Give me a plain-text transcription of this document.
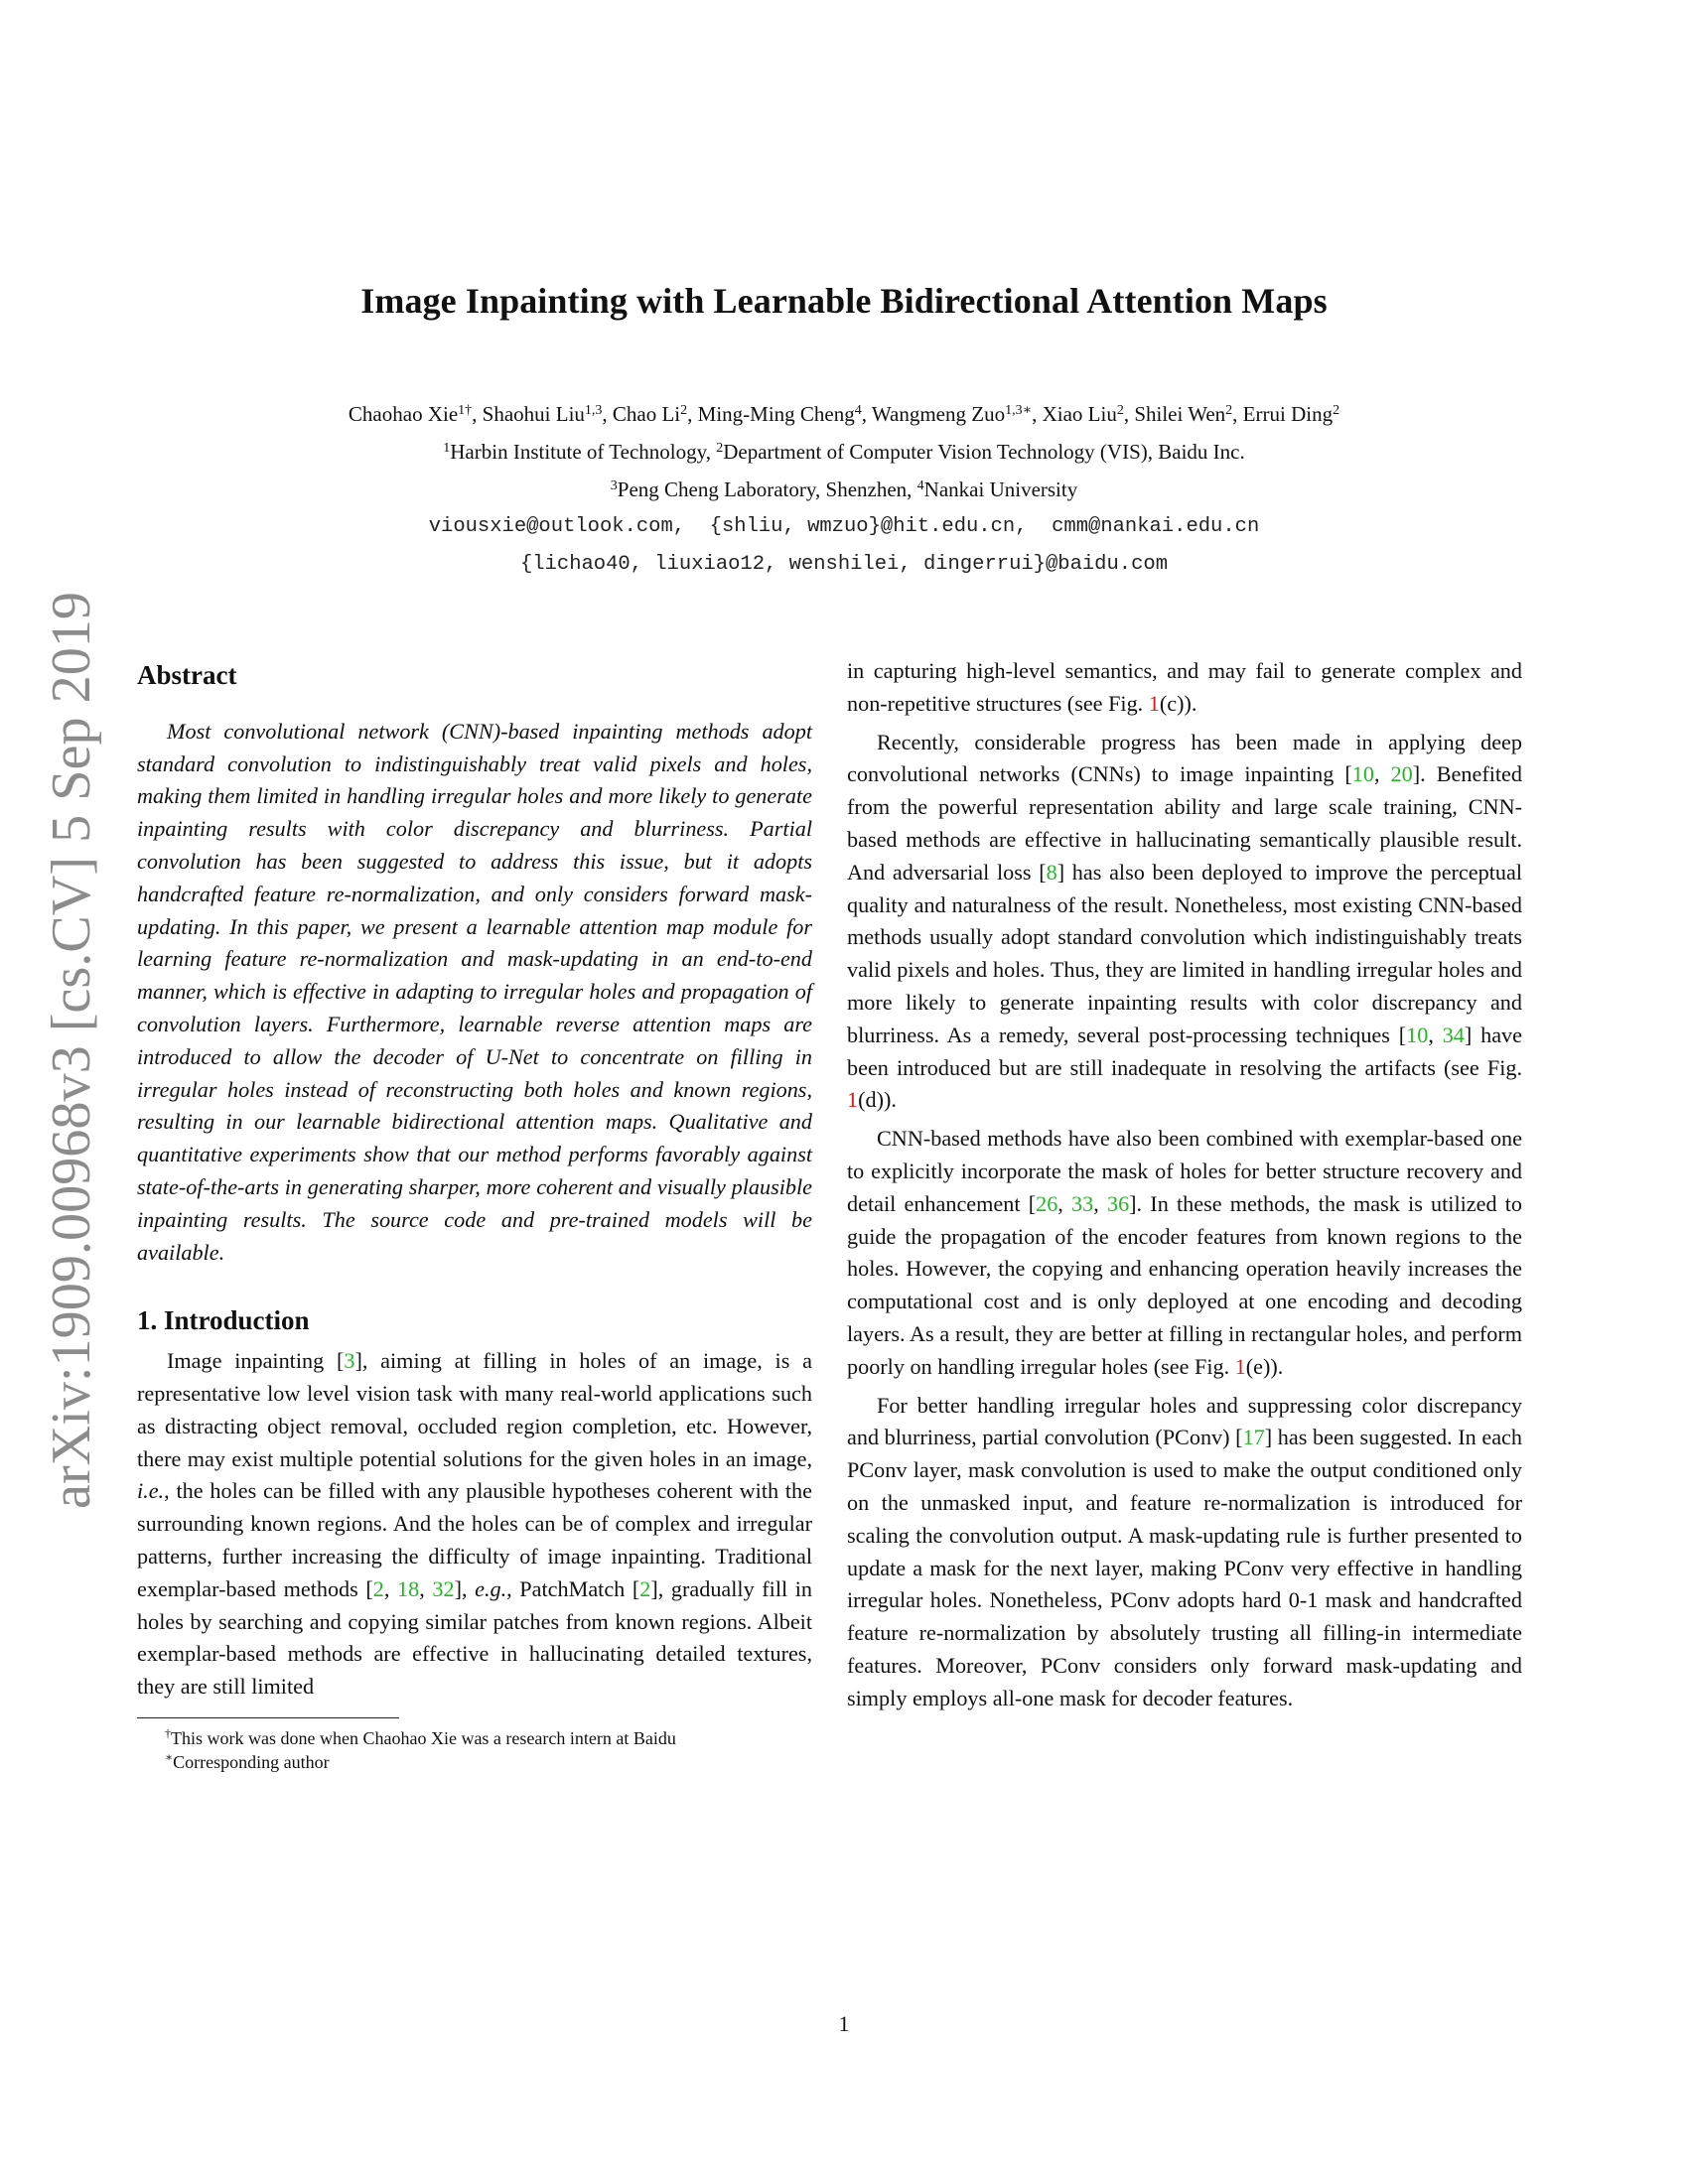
arXiv:1909.00968v3 [cs.CV] 5 Sep 2019
Image Inpainting with Learnable Bidirectional Attention Maps
Chaohao Xie$^{1\dagger}$, Shaohui Liu$^{1,3}$, Chao Li$^2$, Ming-Ming Cheng$^4$, Wangmeng Zuo$^{1,3∗}$, Xiao Liu$^2$, Shilei Wen$^2$, Errui Ding$^2$
$^1$Harbin Institute of Technology, $^2$Department of Computer Vision Technology (VIS), Baidu Inc.
$^3$Peng Cheng Laboratory, Shenzhen, $^4$Nankai University
viousxie@outlook.com,  {shliu, wmzuo}@hit.edu.cn,  cmm@nankai.edu.cn
{lichao40, liuxiao12, wenshilei, dingerrui}@baidu.com

Abstract

Most convolutional network (CNN)-based inpainting methods adopt standard convolution to indistinguishably treat valid pixels and holes, making them limited in handling irregular holes and more likely to generate inpainting results with color discrepancy and blurriness. Partial convolution has been suggested to address this issue, but it adopts handcrafted feature re-normalization, and only considers forward mask-updating. In this paper, we present a learnable attention map module for learning feature re-normalization and mask-updating in an end-to-end manner, which is effective in adapting to irregular holes and propagation of convolution layers. Furthermore, learnable reverse attention maps are introduced to allow the decoder of U-Net to concentrate on filling in irregular holes instead of reconstructing both holes and known regions, resulting in our learnable bidirectional attention maps. Qualitative and quantitative experiments show that our method performs favorably against state-of-the-arts in generating sharper, more coherent and visually plausible inpainting results. The source code and pre-trained models will be available.

1. Introduction

Image inpainting [3], aiming at filling in holes of an image, is a representative low level vision task with many real-world applications such as distracting object removal, occluded region completion, etc. However, there may exist multiple potential solutions for the given holes in an image, i.e., the holes can be filled with any plausible hypotheses coherent with the surrounding known regions. And the holes can be of complex and irregular patterns, further increasing the difficulty of image inpainting. Traditional exemplar-based methods [2, 18, 32], e.g., PatchMatch [2], gradually fill in holes by searching and copying similar patches from known regions. Albeit exemplar-based methods are effective in hallucinating detailed textures, they are still limited

†This work was done when Chaohao Xie was a research intern at Baidu

∗Corresponding author

in capturing high-level semantics, and may fail to generate complex and non-repetitive structures (see Fig. 1(c)).

Recently, considerable progress has been made in applying deep convolutional networks (CNNs) to image inpainting [10, 20]. Benefited from the powerful representation ability and large scale training, CNN-based methods are effective in hallucinating semantically plausible result. And adversarial loss [8] has also been deployed to improve the perceptual quality and naturalness of the result. Nonetheless, most existing CNN-based methods usually adopt standard convolution which indistinguishably treats valid pixels and holes. Thus, they are limited in handling irregular holes and more likely to generate inpainting results with color discrepancy and blurriness. As a remedy, several post-processing techniques [10, 34] have been introduced but are still inadequate in resolving the artifacts (see Fig. 1(d)).

CNN-based methods have also been combined with exemplar-based one to explicitly incorporate the mask of holes for better structure recovery and detail enhancement [26, 33, 36]. In these methods, the mask is utilized to guide the propagation of the encoder features from known regions to the holes. However, the copying and enhancing operation heavily increases the computational cost and is only deployed at one encoding and decoding layers. As a result, they are better at filling in rectangular holes, and perform poorly on handling irregular holes (see Fig. 1(e)).

For better handling irregular holes and suppressing color discrepancy and blurriness, partial convolution (PConv) [17] has been suggested. In each PConv layer, mask convolution is used to make the output conditioned only on the unmasked input, and feature re-normalization is introduced for scaling the convolution output. A mask-updating rule is further presented to update a mask for the next layer, making PConv very effective in handling irregular holes. Nonetheless, PConv adopts hard 0-1 mask and handcrafted feature re-normalization by absolutely trusting all filling-in intermediate features. Moreover, PConv considers only forward mask-updating and simply employs all-one mask for decoder features.

1
